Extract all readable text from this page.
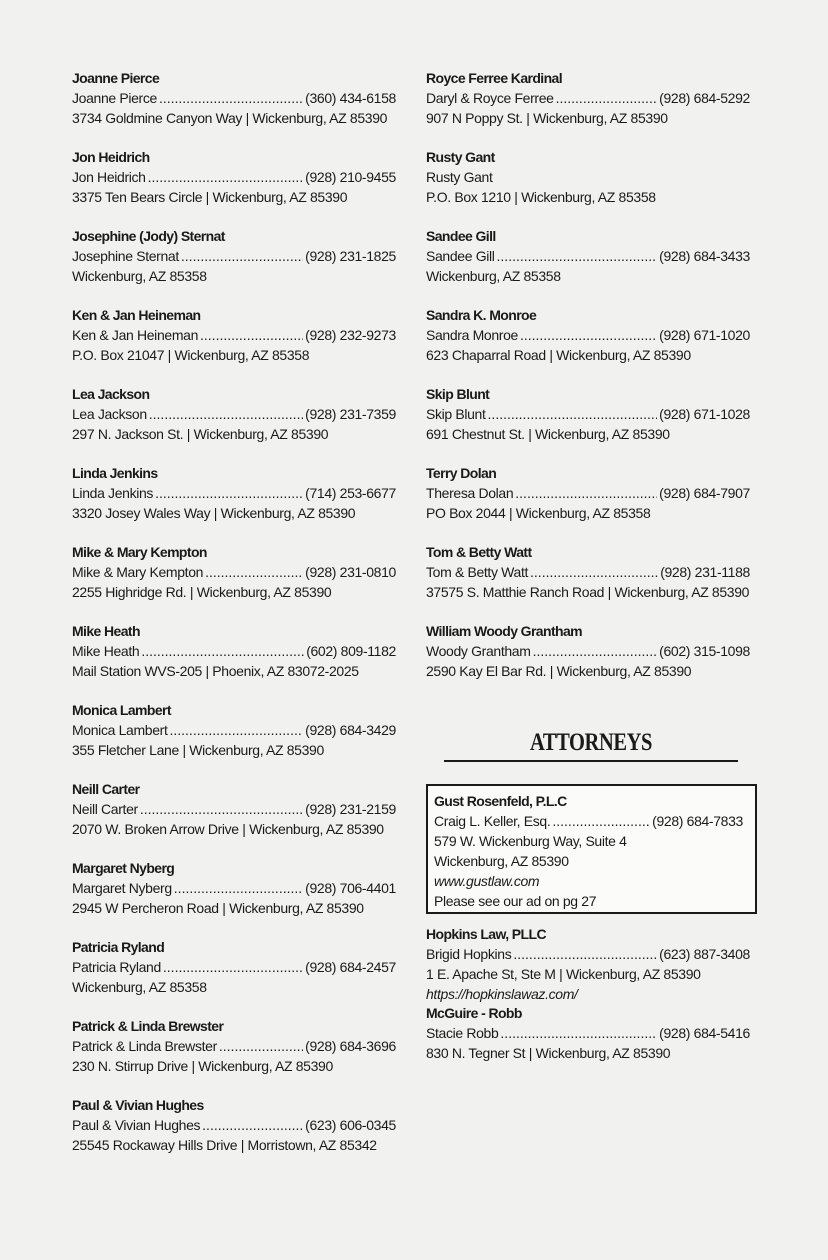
Joanne Pierce
Joanne Pierce .....	(360) 434-6158
3734 Goldmine Canyon Way | Wickenburg, AZ 85390
Jon Heidrich
Jon Heidrich .....	(928) 210-9455
3375 Ten Bears Circle | Wickenburg, AZ 85390
Josephine (Jody) Sternat
Josephine Sternat .....	(928) 231-1825
Wickenburg, AZ 85358
Ken & Jan Heineman
Ken & Jan Heineman .....	(928) 232-9273
P.O. Box 21047 | Wickenburg, AZ 85358
Lea Jackson
Lea Jackson .....	(928) 231-7359
297 N. Jackson St. | Wickenburg, AZ 85390
Linda Jenkins
Linda Jenkins .....	(714) 253-6677
3320 Josey Wales Way | Wickenburg, AZ 85390
Mike & Mary Kempton
Mike & Mary Kempton .....	(928) 231-0810
2255 Highridge Rd. | Wickenburg, AZ 85390
Mike Heath
Mike Heath .....	(602) 809-1182
Mail Station WVS-205 | Phoenix, AZ 83072-2025
Monica Lambert
Monica Lambert .....	(928) 684-3429
355 Fletcher Lane | Wickenburg, AZ 85390
Neill Carter
Neill Carter .....	(928) 231-2159
2070 W. Broken Arrow Drive | Wickenburg, AZ 85390
Margaret Nyberg
Margaret Nyberg .....	(928) 706-4401
2945 W Percheron Road | Wickenburg, AZ 85390
Patricia Ryland
Patricia Ryland .....	(928) 684-2457
Wickenburg, AZ 85358
Patrick & Linda Brewster
Patrick & Linda Brewster .....	(928) 684-3696
230 N. Stirrup Drive | Wickenburg, AZ 85390
Paul & Vivian Hughes
Paul & Vivian Hughes .....	(623) 606-0345
25545 Rockaway Hills Drive | Morristown, AZ 85342
Royce Ferree Kardinal
Daryl & Royce Ferree .....	(928) 684-5292
907 N Poppy St. | Wickenburg, AZ 85390
Rusty Gant
Rusty Gant
P.O. Box 1210 | Wickenburg, AZ 85358
Sandee Gill
Sandee Gill .....	(928) 684-3433
Wickenburg, AZ 85358
Sandra K. Monroe
Sandra Monroe .....	(928) 671-1020
623 Chaparral Road | Wickenburg, AZ 85390
Skip Blunt
Skip Blunt .....	(928) 671-1028
691 Chestnut St. | Wickenburg, AZ 85390
Terry Dolan
Theresa Dolan .....	(928) 684-7907
PO Box 2044 | Wickenburg, AZ 85358
Tom & Betty Watt
Tom & Betty Watt .....	(928) 231-1188
37575 S. Matthie Ranch Road | Wickenburg, AZ 85390
William Woody Grantham
Woody Grantham .....	(602) 315-1098
2590 Kay El Bar Rd. | Wickenburg, AZ 85390
ATTORNEYS
Gust Rosenfeld, P.L.C
Craig L. Keller, Esq. .....	(928) 684-7833
579 W. Wickenburg Way, Suite 4
Wickenburg, AZ 85390
www.gustlaw.com
Please see our ad on pg 27
Hopkins Law, PLLC
Brigid Hopkins .....	(623) 887-3408
1 E. Apache St, Ste M | Wickenburg, AZ 85390
https://hopkinslawaz.com/
McGuire - Robb
Stacie Robb .....	(928) 684-5416
830 N. Tegner St | Wickenburg, AZ 85390
